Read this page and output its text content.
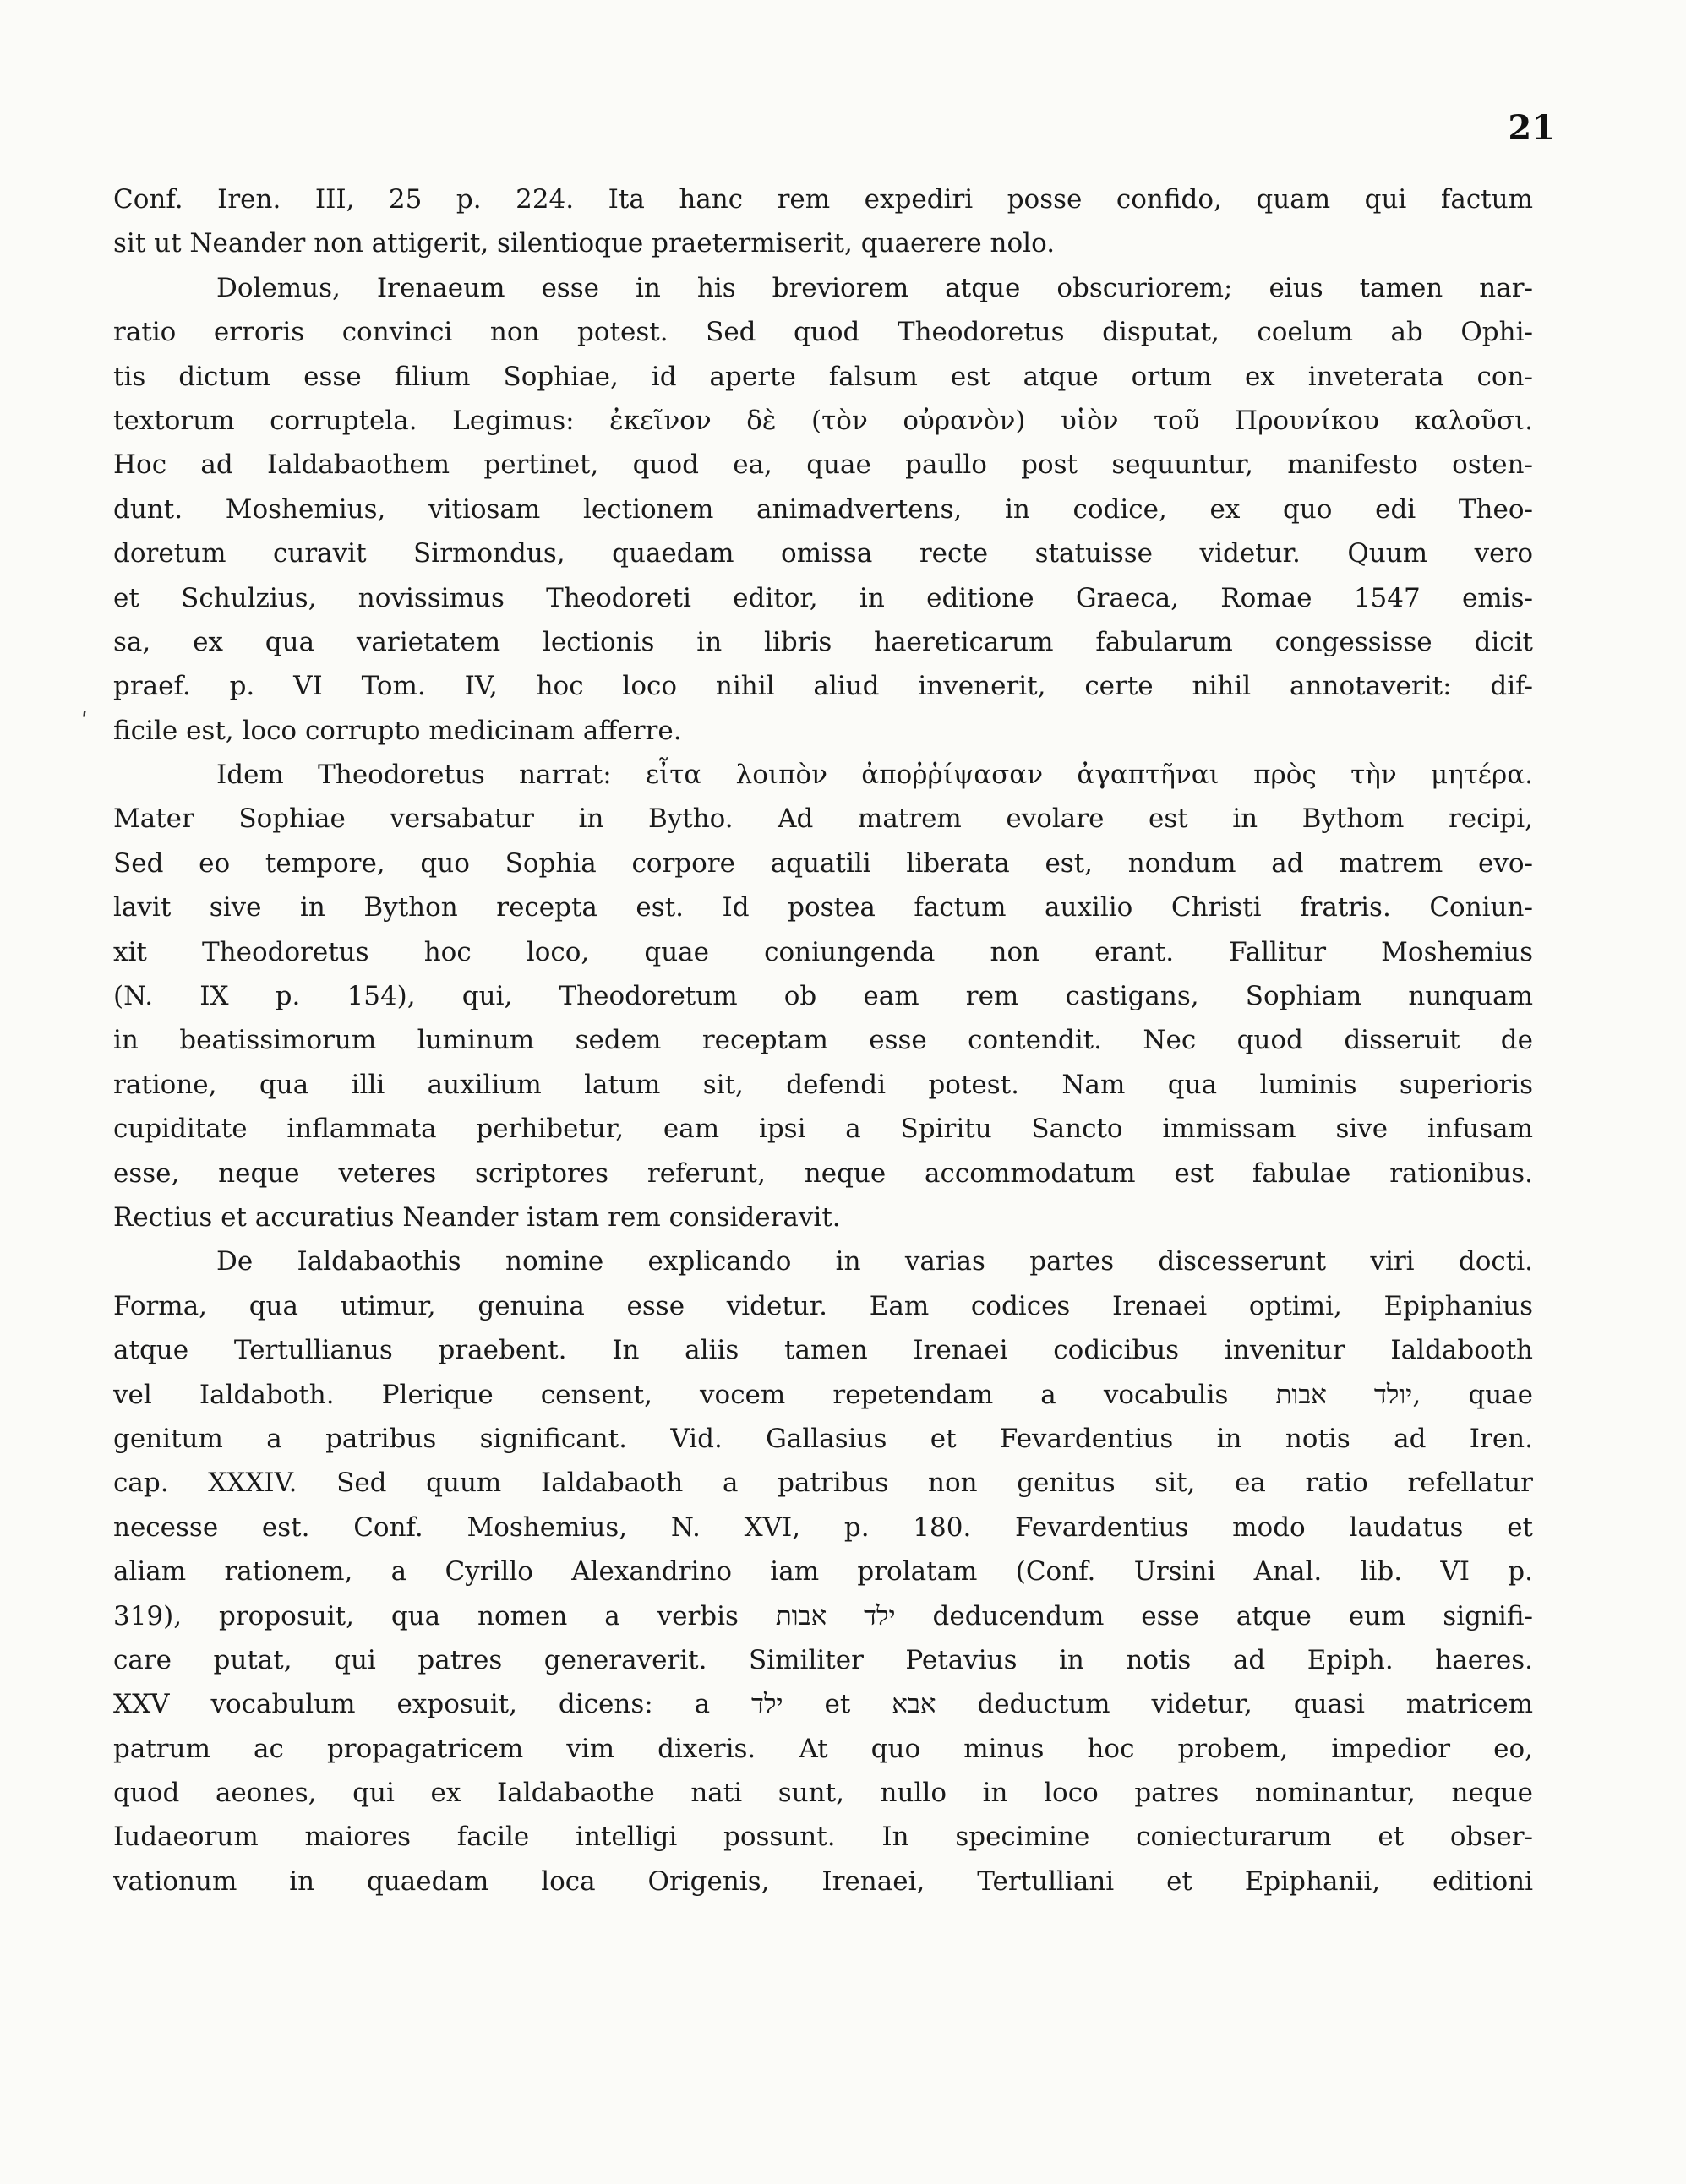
21
ʹ
Conf. Iren. III, 25 p. 224. Ita hanc rem expediri posse confido, quam qui factum
sit ut Neander non attigerit, silentioque praetermiserit, quaerere nolo.
Dolemus, Irenaeum esse in his breviorem atque obscuriorem; eius tamen nar-
ratio erroris convinci non potest. Sed quod Theodoretus disputat, coelum ab Ophi-
tis dictum esse filium Sophiae, id aperte falsum est atque ortum ex inveterata con-
textorum corruptela. Legimus: ἐκεῖνον δὲ (τὸν οὐρανὸν) υἱὸν τοῦ Προυνίκου καλοῦσι.
Hoc ad Ialdabaothem pertinet, quod ea, quae paullo post sequuntur, manifesto osten-
dunt. Moshemius, vitiosam lectionem animadvertens, in codice, ex quo edi Theo-
doretum curavit Sirmondus, quaedam omissa recte statuisse videtur. Quum vero
et Schulzius, novissimus Theodoreti editor, in editione Graeca, Romae 1547 emis-
sa, ex qua varietatem lectionis in libris haereticarum fabularum congessisse dicit
praef. p. VI Tom. IV, hoc loco nihil aliud invenerit, certe nihil annotaverit: dif-
ficile est, loco corrupto medicinam afferre.
Idem Theodoretus narrat: εἶτα λοιπὸν ἀποῤῥίψασαν ἀγαπτῆναι πρὸς τὴν μητέρα.
Mater Sophiae versabatur in Bytho. Ad matrem evolare est in Bythom recipi,
Sed eo tempore, quo Sophia corpore aquatili liberata est, nondum ad matrem evo-
lavit sive in Bython recepta est. Id postea factum auxilio Christi fratris. Coniun-
xit Theodoretus hoc loco, quae coniungenda non erant. Fallitur Moshemius
(N. IX p. 154), qui, Theodoretum ob eam rem castigans, Sophiam nunquam
in beatissimorum luminum sedem receptam esse contendit. Nec quod disseruit de
ratione, qua illi auxilium latum sit, defendi potest. Nam qua luminis superioris
cupiditate inflammata perhibetur, eam ipsi a Spiritu Sancto immissam sive infusam
esse, neque veteres scriptores referunt, neque accommodatum est fabulae rationibus.
Rectius et accuratius Neander istam rem consideravit.
De Ialdabaothis nomine explicando in varias partes discesserunt viri docti.
Forma, qua utimur, genuina esse videtur. Eam codices Irenaei optimi, Epiphanius
atque Tertullianus praebent. In aliis tamen Irenaei codicibus invenitur Ialdabooth
vel Ialdaboth. Plerique censent, vocem repetendam a vocabulis יולד אבות, quae
genitum a patribus significant. Vid. Gallasius et Fevardentius in notis ad Iren.
cap. XXXIV. Sed quum Ialdabaoth a patribus non genitus sit, ea ratio refellatur
necesse est. Conf. Moshemius, N. XVI, p. 180. Fevardentius modo laudatus et
aliam rationem, a Cyrillo Alexandrino iam prolatam (Conf. Ursini Anal. lib. VI p.
319), proposuit, qua nomen a verbis ילד אבות deducendum esse atque eum signifi-
care putat, qui patres generaverit. Similiter Petavius in notis ad Epiph. haeres.
XXV vocabulum exposuit, dicens: a ילד et אבא deductum videtur, quasi matricem
patrum ac propagatricem vim dixeris. At quo minus hoc probem, impedior eo,
quod aeones, qui ex Ialdabaothe nati sunt, nullo in loco patres nominantur, neque
Iudaeorum maiores facile intelligi possunt. In specimine coniecturarum et obser-
vationum in quaedam loca Origenis, Irenaei, Tertulliani et Epiphanii, editioni
